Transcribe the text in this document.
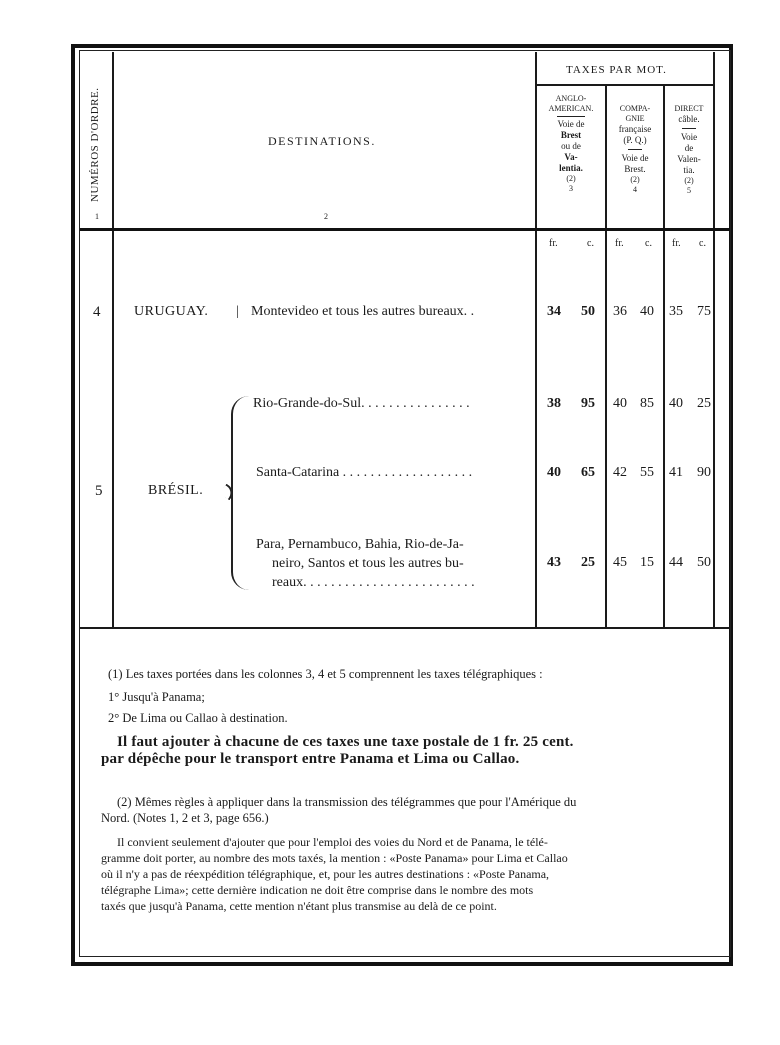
NUMÉROS D'ORDRE.
1
DESTINATIONS.
2
TAXES PAR MOT.
ANGLO-
AMERICAN.
Voie de
Brest
ou de
Va-
lentia.
(2)
3
COMPA-
GNIE
française
(P. Q.)
Voie de
Brest.
(2)
4
DIRECT
câble.
Voie
de
Valen-
tia.
(2)
5
fr.	c. fr. c. fr. c.
4 URUGUAY. | Montevideo et tous les autres bureaux. .	34 50 36 40 35 75
5	BRÉSIL.
Rio-Grande-do-Sul. . . . . . . . . . . . . . . .	38 95 40 85 40 25
Santa-Catarina . . . . . . . . . . . . . . . . . . .	40 65 42 55 41 90
Para, Pernambuco, Bahia, Rio-de-Ja-
neiro, Santos et tous les autres bu-
reaux. . . . . . . . . . . . . . . . . . . . . . . . .
43 25 45 15 44 50
(1) Les taxes portées dans les colonnes 3, 4 et 5 comprennent les taxes télégraphiques :
1° Jusqu'à Panama;
2° De Lima ou Callao à destination.
Il faut ajouter à chacune de ces taxes une taxe postale de 1 fr. 25 cent.
par dépêche pour le transport entre Panama et Lima ou Callao.
(2) Mêmes règles à appliquer dans la transmission des télégrammes que pour l'Amérique du
Nord. (Notes 1, 2 et 3, page 656.)
Il convient seulement d'ajouter que pour l'emploi des voies du Nord et de Panama, le télé-
gramme doit porter, au nombre des mots taxés, la mention : «Poste Panama» pour Lima et Callao
où il n'y a pas de réexpédition télégraphique, et, pour les autres destinations : «Poste Panama,
télégraphe Lima»; cette dernière indication ne doit être comprise dans le nombre des mots
taxés que jusqu'à Panama, cette mention n'étant plus transmise au delà de ce point.
